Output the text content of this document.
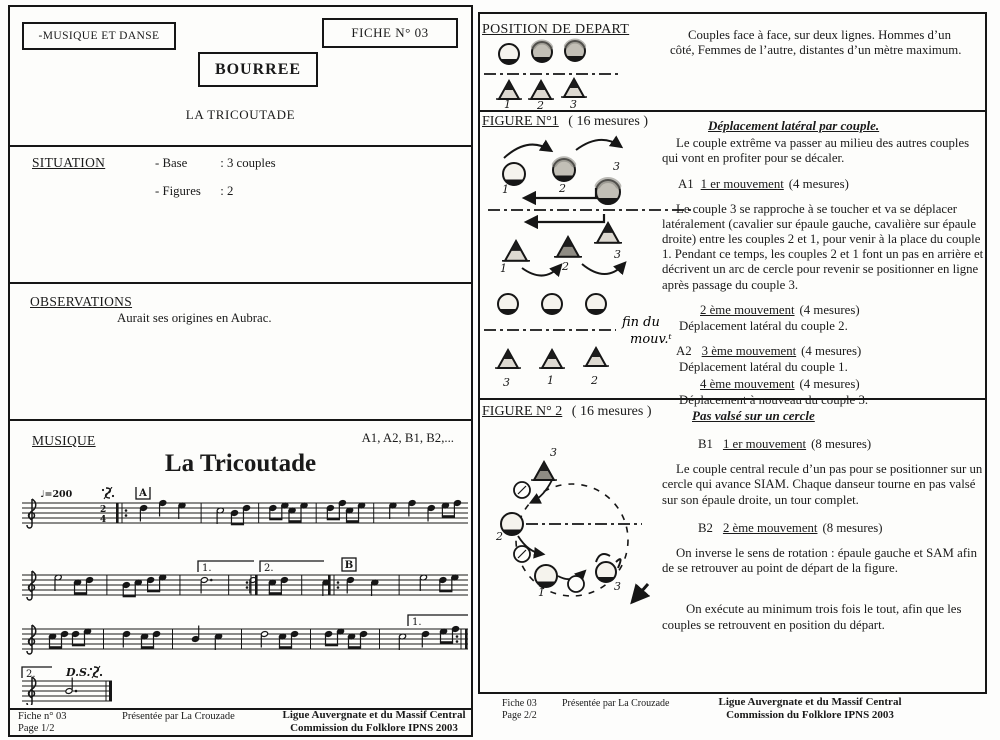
-MUSIQUE ET DANSE	FICHE N° 03
BOURREE
LA TRICOUTADE
SITUATION	- Base	: 3 couples
- Figures : 2
OBSERVATIONS
Aurait ses origines en Aubrac.
MUSIQUE	A1, A2, B1, B2,...
La Tricoutade
♩=200	A
2
4
1.	2.	B
1.
2.	D.S.
Fiche n° 03
Page 1/2
Présentée par La Crouzade	Ligue Auvergnate et du Massif Central
Commission du Folklore IPNS 2003
POSITION DE DEPART
1 2 3
Couples face à face, sur deux lignes. Hommes d’un côté, Femmes de l’autre, distantes d’un mètre maximum.
FIGURE N°1 ( 16 mesures )
1	2
3
3
1	2
fin du
mouv.ᵗ
3	1	2
Déplacement latéral par couple.
Le couple extrême va passer au milieu des autres couples qui vont en profiter pour se décaler.
A1 1 er mouvement (4 mesures)
Le couple 3 se rapproche à se toucher et va se déplacer latéralement (cavalier sur épaule gauche, cavalière sur épaule droite) entre les couples 2 et 1, pour venir à la place du couple 1. Pendant ce temps, les couples 2 et 1 font un pas en arrière et décrivent un arc de cercle pour revenir se positionner en ligne après passage du couple 3.
2 ème mouvement (4 mesures)
Déplacement latéral du couple 2.
A2 3 ème mouvement (4 mesures)
Déplacement latéral du couple 1.
4 ème mouvement (4 mesures)
Déplacement à nouveau du couple 3.
FIGURE N° 2 ( 16 mesures )
3
2
1	3
Pas valsé sur un cercle
B1 1 er mouvement (8 mesures)
Le couple central recule d’un pas pour se positionner sur un cercle qui avance SIAM. Chaque danseur tourne en pas valsé sur son épaule droite, un tour complet.
B2 2 ème mouvement (8 mesures)
On inverse le sens de rotation : épaule gauche et SAM afin de se retrouver au point de départ de la figure.
On exécute au minimum trois fois le tout, afin que les couples se retrouvent en position du départ.
Fiche 03
Page 2/2
Présentée par La Crouzade	Ligue Auvergnate et du Massif Central
Commission du Folklore IPNS 2003
